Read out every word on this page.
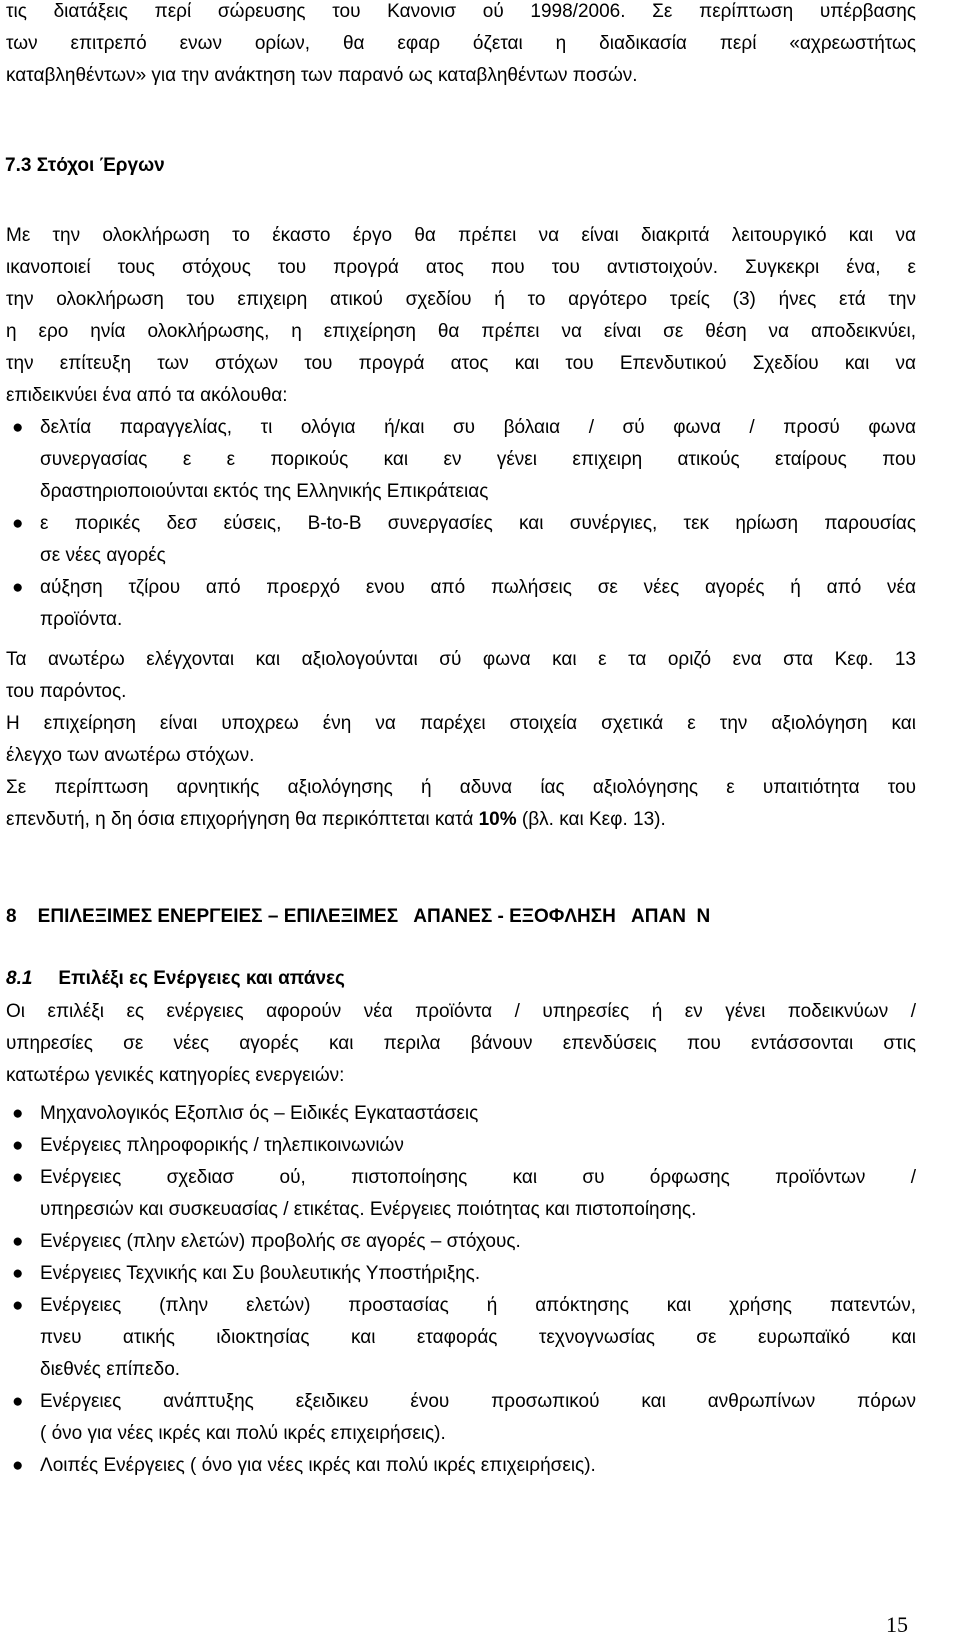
τις διατάξεις περί σώρευσης του Κανονισ ού 1998/2006. Σε περίπτωση υπέρβασης
των επιτρεπό ενων ορίων, θα εφαρ όζεται η διαδικασία περί «αχρεωστήτως
καταβληθέντων» για την ανάκτηση των παρανό ως καταβληθέντων ποσών.
7.3 Στόχοι Έργων
Με την ολοκλήρωση το έκαστο έργο θα πρέπει να είναι διακριτά λειτουργικό και να
ικανοποιεί τους στόχους του προγρά ατος που του αντιστοιχούν. Συγκεκρι ένα, ε
την ολοκλήρωση του επιχειρη ατικού σχεδίου ή το αργότερο τρείς (3) ήνες ετά την
η ερο ηνία ολοκλήρωσης, η επιχείρηση θα πρέπει να είναι σε θέση να αποδεικνύει,
την επίτευξη των στόχων του προγρά ατος και του Επενδυτικού Σχεδίου και να
επιδεικνύει ένα από τα ακόλουθα:
● δελτία παραγγελίας, τι ολόγια ή/και συ βόλαια / σύ φωνα / προσύ φωνα
συνεργασίας ε ε πορικούς και εν γένει επιχειρη ατικούς εταίρους που
δραστηριοποιούνται εκτός της Ελληνικής Επικράτειας
● ε πορικές δεσ εύσεις, B-to-B συνεργασίες και συνέργιες, τεκ ηρίωση παρουσίας
σε νέες αγορές
● αύξηση τζίρου από προερχό ενου από πωλήσεις σε νέες αγορές ή από νέα
προϊόντα.
Τα ανωτέρω ελέγχονται και αξιολογούνται σύ φωνα και ε τα οριζό ενα στα Κεφ. 13
του παρόντος.
Η επιχείρηση είναι υποχρεω ένη να παρέχει στοιχεία σχετικά ε την αξιολόγηση και
έλεγχο των ανωτέρω στόχων.
Σε περίπτωση αρνητικής αξιολόγησης ή αδυνα ίας αξιολόγησης ε υπαιτιότητα του
επενδυτή, η δη όσια επιχορήγηση θα περικόπτεται κατά 10% (βλ. και Κεφ. 13).
8    ΕΠΙΛΕΞΙΜΕΣ ΕΝΕΡΓΕΙΕΣ – ΕΠΙΛΕΞΙΜΕΣ   ΑΠΑΝΕΣ - ΕΞΟΦΛΗΣΗ   ΑΠΑΝ  Ν
8.1 Επιλέξι ες Ενέργειες και απάνες
Οι επιλέξι ες ενέργειες αφορούν νέα προϊόντα / υπηρεσίες ή εν γένει ποδεικνύων /
υπηρεσίες σε νέες αγορές και περιλα βάνουν επενδύσεις που εντάσσονται στις
κατωτέρω γενικές κατηγορίες ενεργειών:
● Μηχανολογικός Εξοπλισ ός – Ειδικές Εγκαταστάσεις
● Ενέργειες πληροφορικής / τηλεπικοινωνιών
● Ενέργειες σχεδιασ ού, πιστοποίησης και συ όρφωσης προϊόντων /
υπηρεσιών και συσκευασίας / ετικέτας. Ενέργειες ποιότητας και πιστοποίησης.
● Ενέργειες (πλην ελετών) προβολής σε αγορές – στόχους.
● Ενέργειες Τεχνικής και Συ βουλευτικής Υποστήριξης.
● Ενέργειες (πλην ελετών) προστασίας ή απόκτησης και χρήσης πατεντών,
πνευ ατικής ιδιοκτησίας και εταφοράς τεχνογνωσίας σε ευρωπαϊκό και
διεθνές επίπεδο.
● Ενέργειες ανάπτυξης εξειδικευ ένου προσωπικού και ανθρωπίνων πόρων
( όνο για νέες ικρές και πολύ ικρές επιχειρήσεις).
● Λοιπές Ενέργειες ( όνο για νέες ικρές και πολύ ικρές επιχειρήσεις).
15
